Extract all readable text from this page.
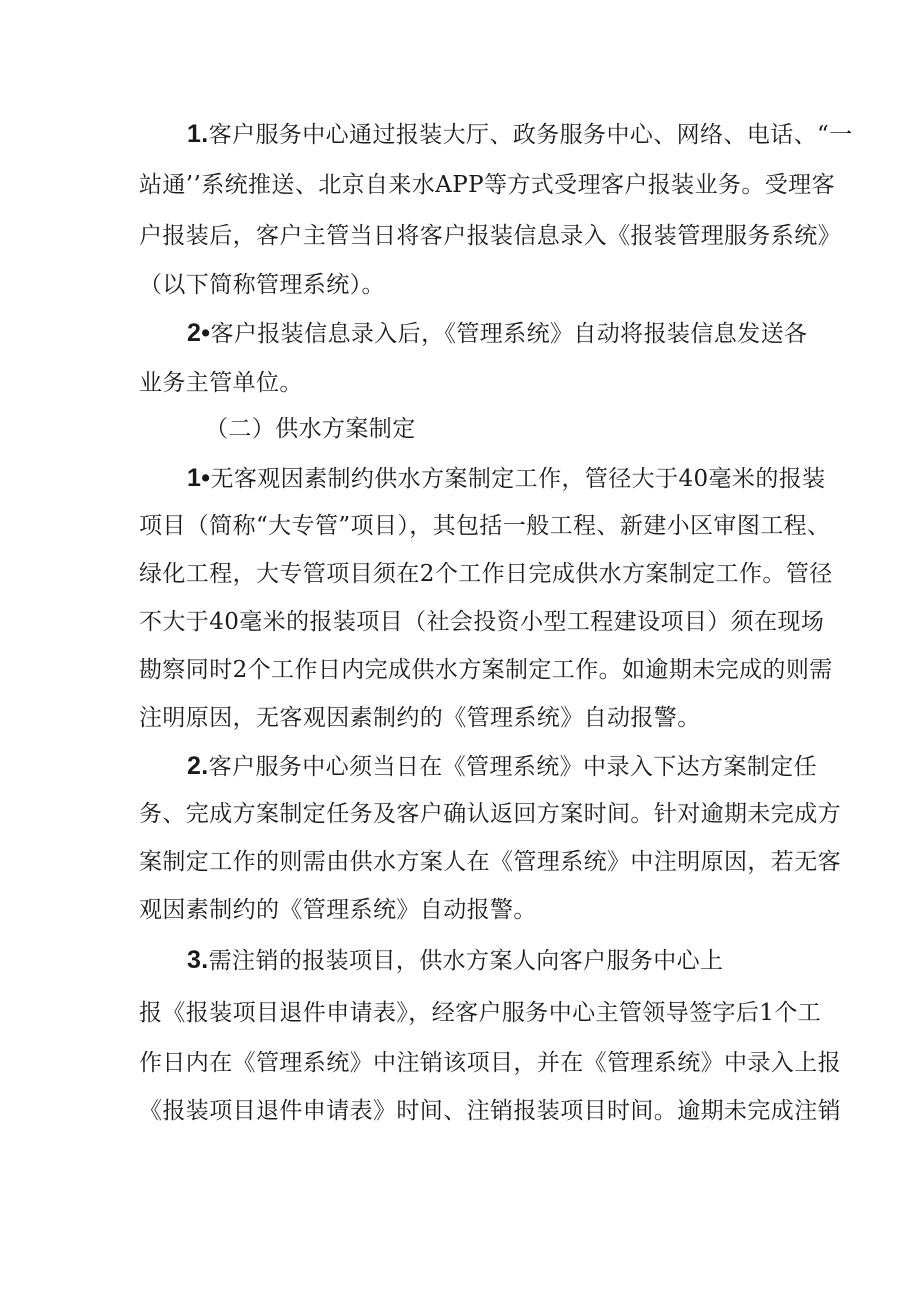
1.客户服务中心通过报装大厅、政务服务中心、网络、电话、“一
站通’’系统推送、北京自来水APP等方式受理客户报装业务。受理客
户报装后，客户主管当日将客户报装信息录入《报装管理服务系统》
（以下简称管理系统）。
2•客户报装信息录入后，《管理系统》自动将报装信息发送各
业务主管单位。
（二）供水方案制定
1•无客观因素制约供水方案制定工作，管径大于40毫米的报装
项目（简称“大专管”项目），其包括一般工程、新建小区审图工程、
绿化工程，大专管项目须在2个工作日完成供水方案制定工作。管径
不大于40毫米的报装项目（社会投资小型工程建设项目）须在现场
勘察同时2个工作日内完成供水方案制定工作。如逾期未完成的则需
注明原因，无客观因素制约的《管理系统》自动报警。
2.客户服务中心须当日在《管理系统》中录入下达方案制定任
务、完成方案制定任务及客户确认返回方案时间。针对逾期未完成方
案制定工作的则需由供水方案人在《管理系统》中注明原因，若无客
观因素制约的《管理系统》自动报警。
3.需注销的报装项目，供水方案人向客户服务中心上
报《报装项目退件申请表》，经客户服务中心主管领导签字后1个工
作日内在《管理系统》中注销该项目，并在《管理系统》中录入上报
《报装项目退件申请表》时间、注销报装项目时间。逾期未完成注销
